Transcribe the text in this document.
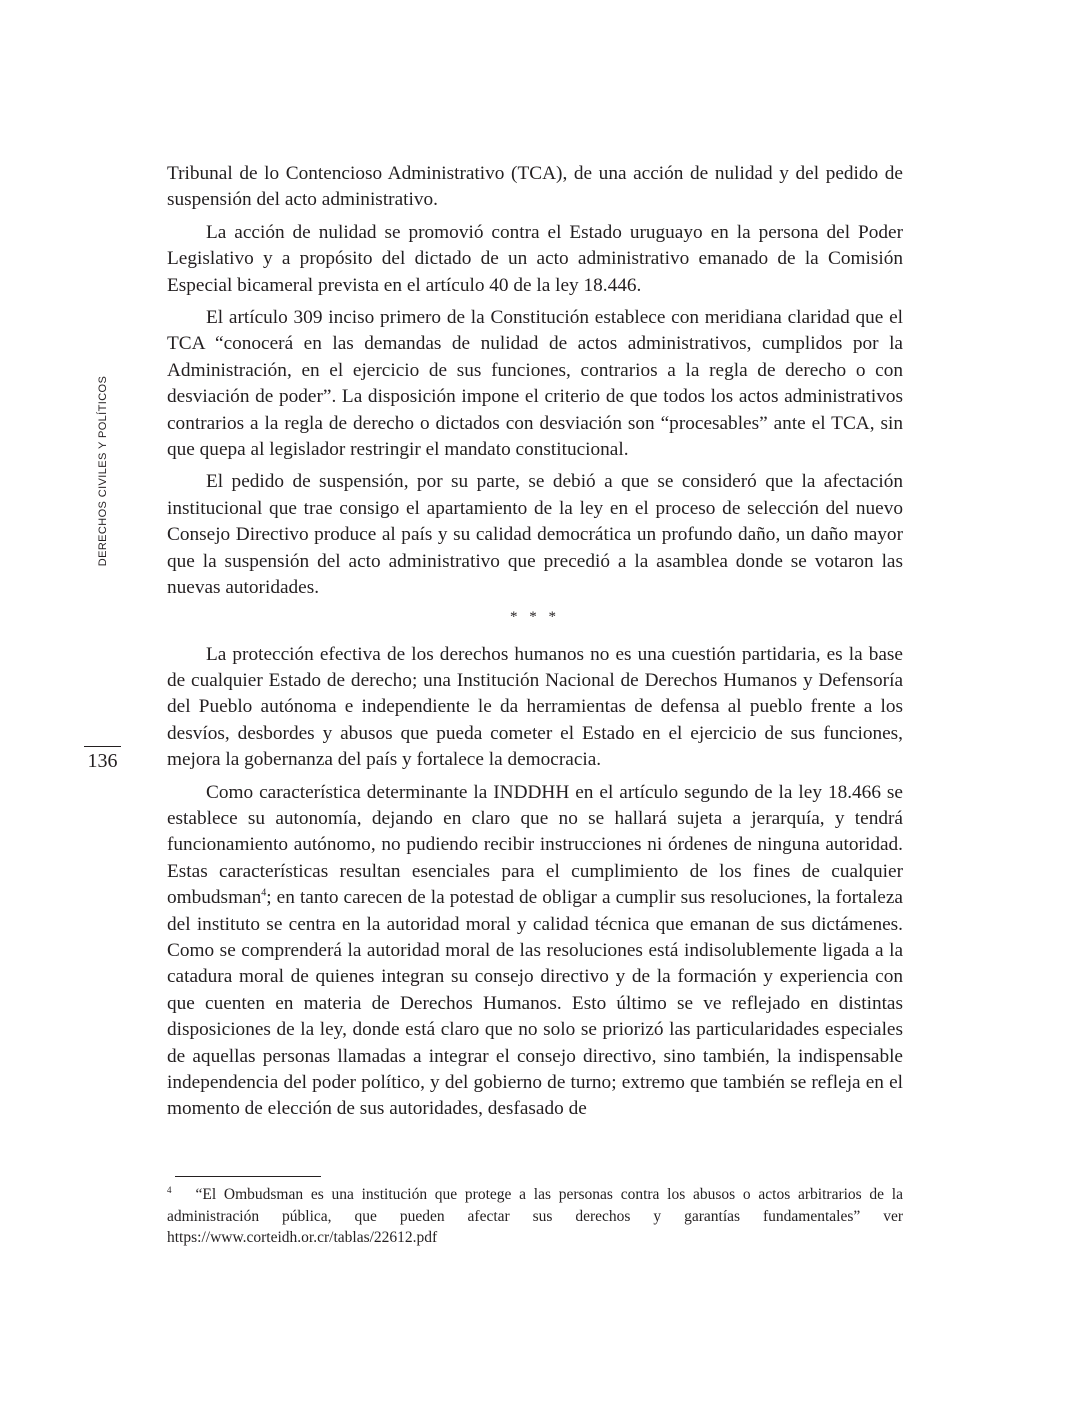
DERECHOS CIVILES Y POLÍTICOS
136

Tribunal de lo Contencioso Administrativo (TCA), de una acción de nulidad y del pedido de suspensión del acto administrativo.

La acción de nulidad se promovió contra el Estado uruguayo en la persona del Poder Legislativo y a propósito del dictado de un acto administrativo emanado de la Comisión Especial bicameral prevista en el artículo 40 de la ley 18.446.

El artículo 309 inciso primero de la Constitución establece con meridiana claridad que el TCA “conocerá en las demandas de nulidad de actos administrativos, cumplidos por la Administración, en el ejercicio de sus funciones, contrarios a la regla de derecho o con desviación de poder”. La disposición impone el criterio de que todos los actos administrativos contrarios a la regla de derecho o dictados con desviación son “procesables” ante el TCA, sin que quepa al legislador restringir el mandato constitucional.

El pedido de suspensión, por su parte, se debió a que se consideró que la afectación institucional que trae consigo el apartamiento de la ley en el proceso de selección del nuevo Consejo Directivo produce al país y su calidad democrática un profundo daño, un daño mayor que la suspensión del acto administrativo que precedió a la asamblea donde se votaron las nuevas autoridades.

* * *

La protección efectiva de los derechos humanos no es una cuestión partidaria, es la base de cualquier Estado de derecho; una Institución Nacional de Derechos Humanos y Defensoría del Pueblo autónoma e independiente le da herramientas de defensa al pueblo frente a los desvíos, desbordes y abusos que pueda cometer el Estado en el ejercicio de sus funciones, mejora la gobernanza del país y fortalece la democracia.

Como característica determinante la INDDHH en el artículo segundo de la ley 18.466 se establece su autonomía, dejando en claro que no se hallará sujeta a jerarquía, y tendrá funcionamiento autónomo, no pudiendo recibir instrucciones ni órdenes de ninguna autoridad. Estas características resultan esenciales para el cumplimiento de los fines de cualquier ombudsman$^4$; en tanto carecen de la potestad de obligar a cumplir sus resoluciones, la fortaleza del instituto se centra en la autoridad moral y calidad técnica que emanan de sus dictámenes. Como se comprenderá la autoridad moral de las resoluciones está indisolublemente ligada a la catadura moral de quienes integran su consejo directivo y de la formación y experiencia con que cuenten en materia de Derechos Humanos. Esto último se ve reflejado en distintas disposiciones de la ley, donde está claro que no solo se priorizó las particularidades especiales de aquellas personas llamadas a integrar el consejo directivo, sino también, la indispensable independencia del poder político, y del gobierno de turno; extremo que también se refleja en el momento de elección de sus autoridades, desfasado de

$^4$ “El Ombudsman es una institución que protege a las personas contra los abusos o actos arbitrarios de la administración pública, que pueden afectar sus derechos y garantías fundamentales” ver https://www.corteidh.or.cr/tablas/22612.pdf
